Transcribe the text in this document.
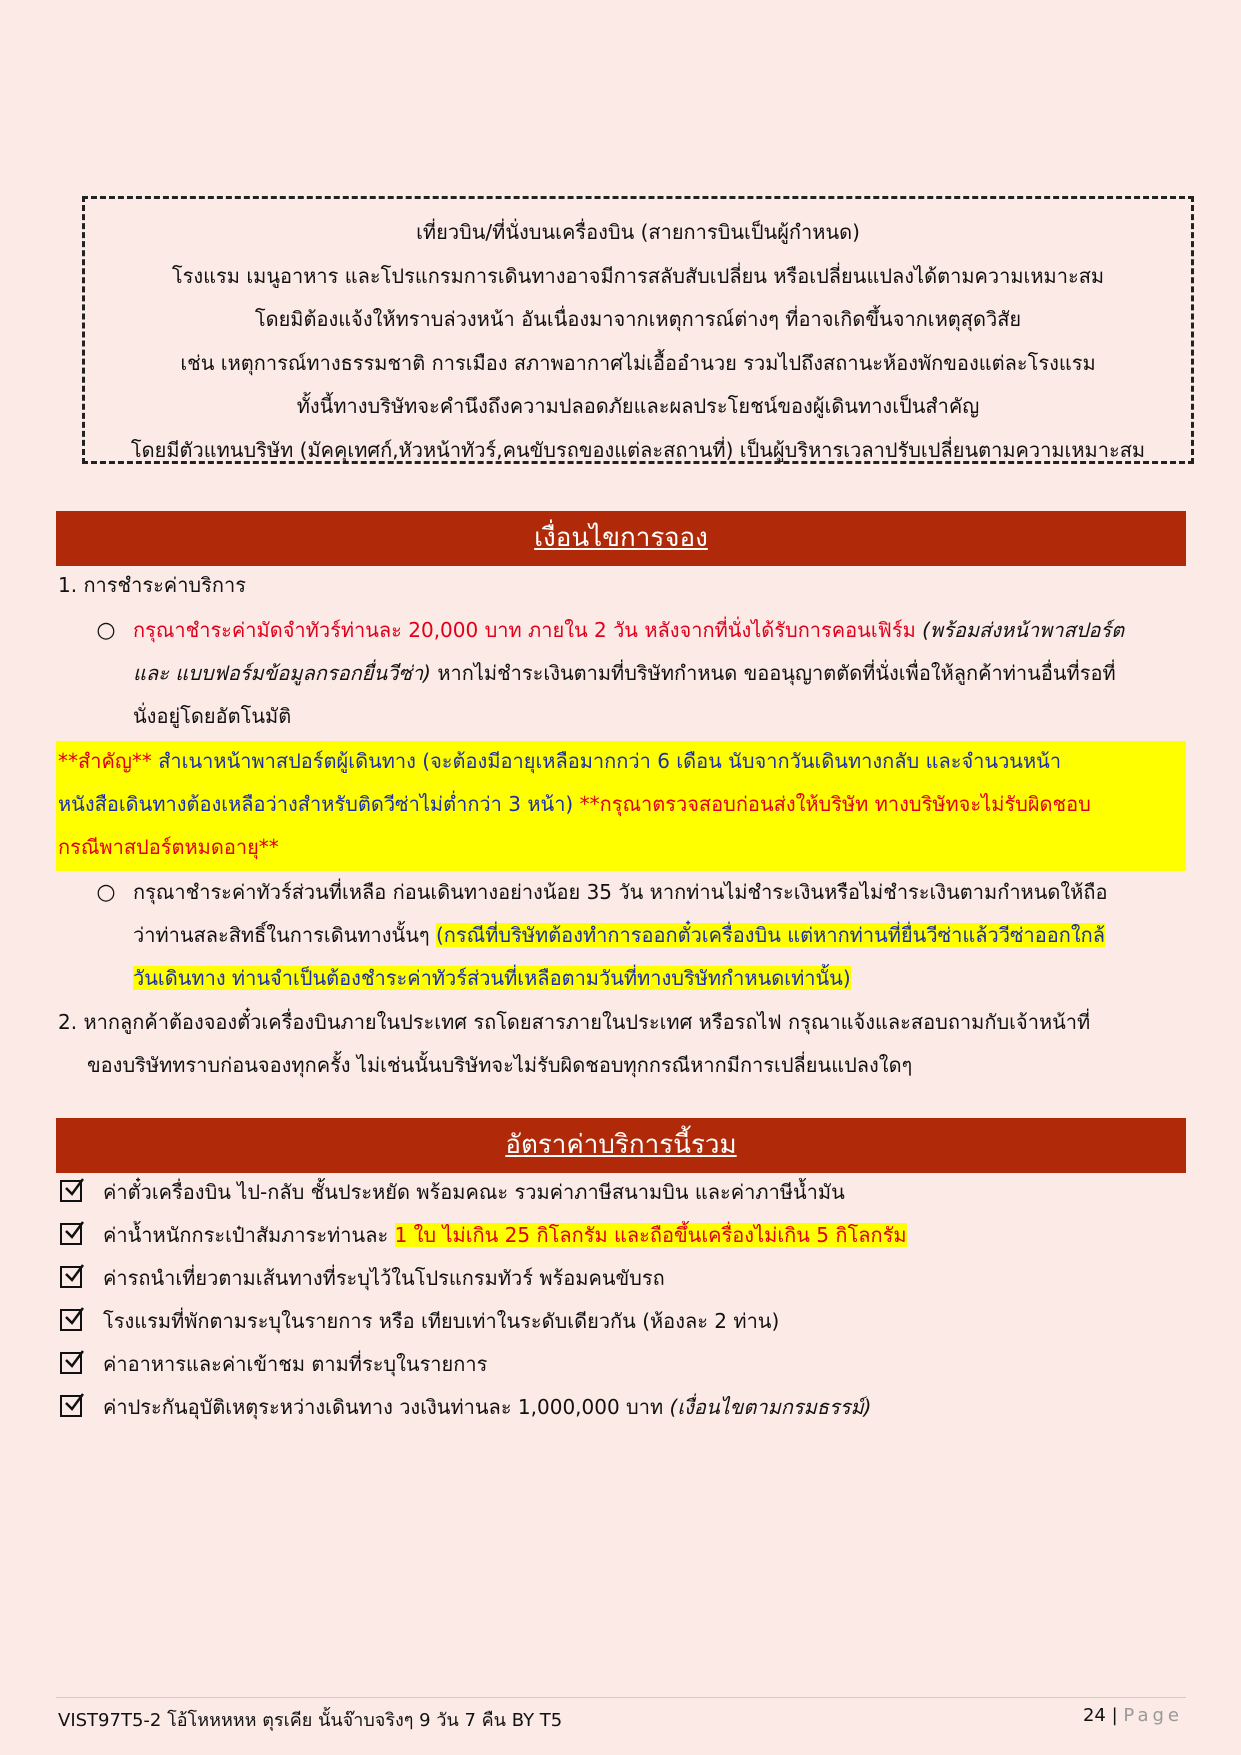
เที่ยวบิน/ที่นั่งบนเครื่องบิน (สายการบินเป็นผู้กำหนด)
โรงแรม เมนูอาหาร และโปรแกรมการเดินทางอาจมีการสลับสับเปลี่ยน หรือเปลี่ยนแปลงได้ตามความเหมาะสม
โดยมิต้องแจ้งให้ทราบล่วงหน้า อันเนื่องมาจากเหตุการณ์ต่างๆ ที่อาจเกิดขึ้นจากเหตุสุดวิสัย
เช่น เหตุการณ์ทางธรรมชาติ การเมือง สภาพอากาศไม่เอื้ออำนวย รวมไปถึงสถานะห้องพักของแต่ละโรงแรม
ทั้งนี้ทางบริษัทจะคำนึงถึงความปลอดภัยและผลประโยชน์ของผู้เดินทางเป็นสำคัญ
โดยมีตัวแทนบริษัท (มัคคุเทศก์,หัวหน้าทัวร์,คนขับรถของแต่ละสถานที่) เป็นผู้บริหารเวลาปรับเปลี่ยนตามความเหมาะสม
เงื่อนไขการจอง
1. การชำระค่าบริการ
○ กรุณาชำระค่ามัดจำทัวร์ท่านละ 20,000 บาท ภายใน 2 วัน หลังจากที่นั่งได้รับการคอนเฟิร์ม (พร้อมส่งหน้าพาสปอร์ต
และ แบบฟอร์มข้อมูลกรอกยื่นวีซ่า) หากไม่ชำระเงินตามที่บริษัทกำหนด ขออนุญาตตัดที่นั่งเพื่อให้ลูกค้าท่านอื่นที่รอที่
นั่งอยู่โดยอัตโนมัติ
**สำคัญ** สำเนาหน้าพาสปอร์ตผู้เดินทาง (จะต้องมีอายุเหลือมากกว่า 6 เดือน นับจากวันเดินทางกลับ และจำนวนหน้า
หนังสือเดินทางต้องเหลือว่างสำหรับติดวีซ่าไม่ต่ำกว่า 3 หน้า) **กรุณาตรวจสอบก่อนส่งให้บริษัท ทางบริษัทจะไม่รับผิดชอบ
กรณีพาสปอร์ตหมดอายุ**
○ กรุณาชำระค่าทัวร์ส่วนที่เหลือ ก่อนเดินทางอย่างน้อย 35 วัน หากท่านไม่ชำระเงินหรือไม่ชำระเงินตามกำหนดให้ถือ
ว่าท่านสละสิทธิ์ในการเดินทางนั้นๆ (กรณีที่บริษัทต้องทำการออกตั๋วเครื่องบิน แต่หากท่านที่ยื่นวีซ่าแล้ววีซ่าออกใกล้
วันเดินทาง ท่านจำเป็นต้องชำระค่าทัวร์ส่วนที่เหลือตามวันที่ทางบริษัทกำหนดเท่านั้น)
2. หากลูกค้าต้องจองตั๋วเครื่องบินภายในประเทศ รถโดยสารภายในประเทศ หรือรถไฟ กรุณาแจ้งและสอบถามกับเจ้าหน้าที่
ของบริษัททราบก่อนจองทุกครั้ง ไม่เช่นนั้นบริษัทจะไม่รับผิดชอบทุกกรณีหากมีการเปลี่ยนแปลงใดๆ
อัตราค่าบริการนี้รวม
ค่าตั๋วเครื่องบิน ไป-กลับ ชั้นประหยัด พร้อมคณะ รวมค่าภาษีสนามบิน และค่าภาษีน้ำมัน
ค่าน้ำหนักกระเป๋าสัมภาระท่านละ 1 ใบ ไม่เกิน 25 กิโลกรัม และถือขึ้นเครื่องไม่เกิน 5 กิโลกรัม
ค่ารถนำเที่ยวตามเส้นทางที่ระบุไว้ในโปรแกรมทัวร์ พร้อมคนขับรถ
โรงแรมที่พักตามระบุในรายการ หรือ เทียบเท่าในระดับเดียวกัน (ห้องละ 2 ท่าน)
ค่าอาหารและค่าเข้าชม ตามที่ระบุในรายการ
ค่าประกันอุบัติเหตุระหว่างเดินทาง วงเงินท่านละ 1,000,000 บาท (เงื่อนไขตามกรมธรรม์)
VIST97T5-2 โอ้โหหหหห ตุรเคีย นั้นจ๊าบจริงๆ 9 วัน 7 คืน BY T5	24 | Page
